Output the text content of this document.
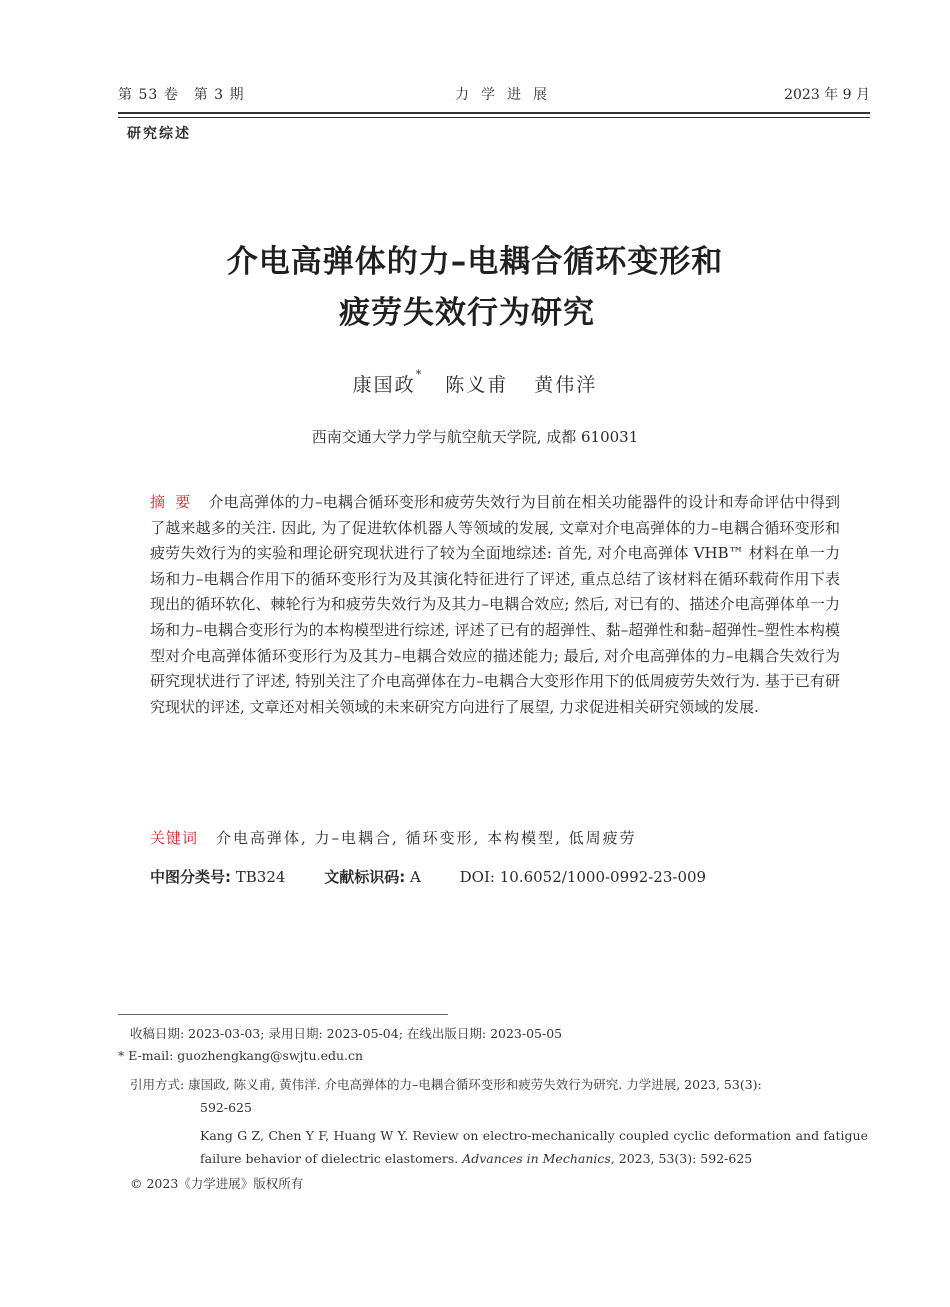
第 53 卷　第 3 期	力学进展	2023 年 9 月
研究综述
介电高弹体的力–电耦合循环变形和
疲劳失效行为研究
康国政* 陈义甫 黄伟洋
西南交通大学力学与航空航天学院, 成都 610031
摘要 介电高弹体的力–电耦合循环变形和疲劳失效行为目前在相关功能器件的设计和寿命评估中得到了越来越多的关注. 因此, 为了促进软体机器人等领域的发展, 文章对介电高弹体的力–电耦合循环变形和疲劳失效行为的实验和理论研究现状进行了较为全面地综述: 首先, 对介电高弹体 VHB™ 材料在单一力场和力–电耦合作用下的循环变形行为及其演化特征进行了评述, 重点总结了该材料在循环载荷作用下表现出的循环软化、棘轮行为和疲劳失效行为及其力–电耦合效应; 然后, 对已有的、描述介电高弹体单一力场和力–电耦合变形行为的本构模型进行综述, 评述了已有的超弹性、黏–超弹性和黏–超弹性–塑性本构模型对介电高弹体循环变形行为及其力–电耦合效应的描述能力; 最后, 对介电高弹体的力–电耦合失效行为研究现状进行了评述, 特别关注了介电高弹体在力–电耦合大变形作用下的低周疲劳失效行为. 基于已有研究现状的评述, 文章还对相关领域的未来研究方向进行了展望, 力求促进相关研究领域的发展.
关键词 介电高弹体, 力–电耦合, 循环变形, 本构模型, 低周疲劳
中图分类号: TB324	文献标识码: A	DOI: 10.6052/1000-0992-23-009
收稿日期: 2023-03-03; 录用日期: 2023-05-04; 在线出版日期: 2023-05-05
* E-mail: guozhengkang@swjtu.edu.cn
引用方式: 康国政, 陈义甫, 黄伟洋. 介电高弹体的力–电耦合循环变形和疲劳失效行为研究. 力学进展, 2023, 53(3):
592-625
Kang G Z, Chen Y F, Huang W Y. Review on electro-mechanically coupled cyclic deformation and fatigue failure behavior of dielectric elastomers. Advances in Mechanics, 2023, 53(3): 592-625
© 2023《力学进展》版权所有
